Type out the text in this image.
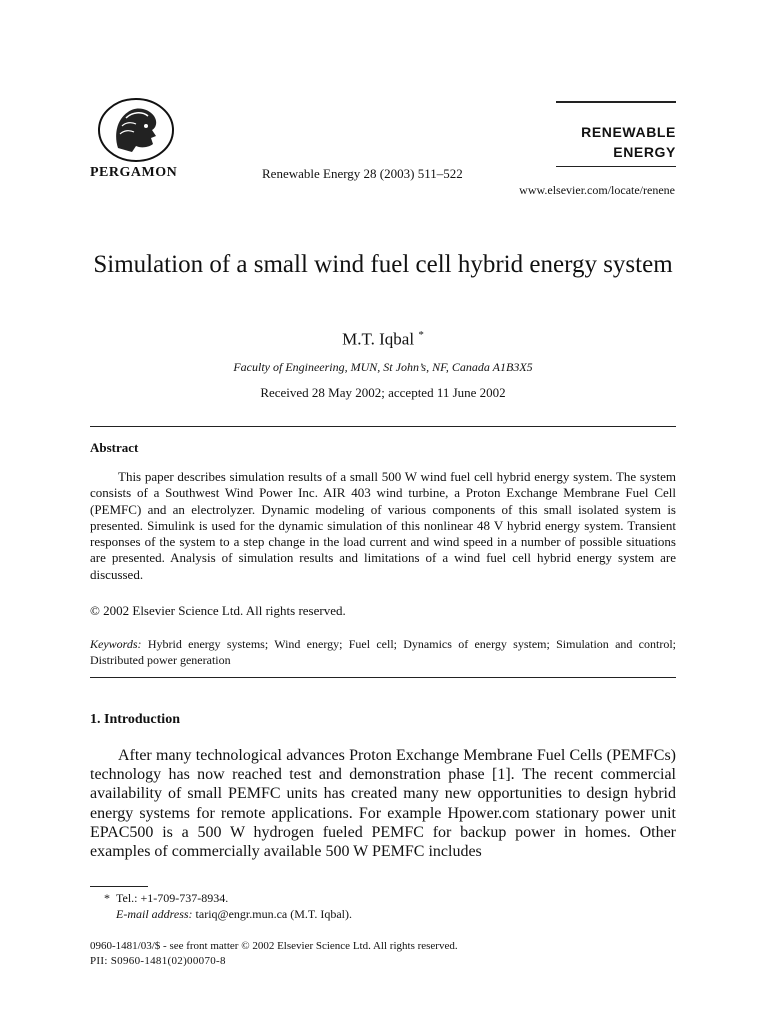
PERGAMON	Renewable Energy 28 (2003) 511–522
RENEWABLE
ENERGY
www.elsevier.com/locate/renene
Simulation of a small wind fuel cell hybrid energy system
M.T. Iqbal *
Faculty of Engineering, MUN, St John’s, NF, Canada A1B3X5
Received 28 May 2002; accepted 11 June 2002
Abstract

This paper describes simulation results of a small 500 W wind fuel cell hybrid energy system. The system consists of a Southwest Wind Power Inc. AIR 403 wind turbine, a Proton Exchange Membrane Fuel Cell (PEMFC) and an electrolyzer. Dynamic modeling of various components of this small isolated system is presented. Simulink is used for the dynamic simulation of this nonlinear 48 V hybrid energy system. Transient responses of the system to a step change in the load current and wind speed in a number of possible situations are presented. Analysis of simulation results and limitations of a wind fuel cell hybrid energy system are discussed.

© 2002 Elsevier Science Ltd. All rights reserved.
Keywords: Hybrid energy systems; Wind energy; Fuel cell; Dynamics of energy system; Simulation and control; Distributed power generation
1. Introduction

After many technological advances Proton Exchange Membrane Fuel Cells (PEMFCs) technology has now reached test and demonstration phase [1]. The recent commercial availability of small PEMFC units has created many new opportunities to design hybrid energy systems for remote applications. For example Hpower.com stationary power unit EPAC500 is a 500 W hydrogen fueled PEMFC for backup power in homes. Other examples of commercially available 500 W PEMFC includes

* Tel.: +1-709-737-8934.
E-mail address: tariq@engr.mun.ca (M.T. Iqbal).
0960-1481/03/$ - see front matter © 2002 Elsevier Science Ltd. All rights reserved.
PII: S0960-1481(02)00070-8
